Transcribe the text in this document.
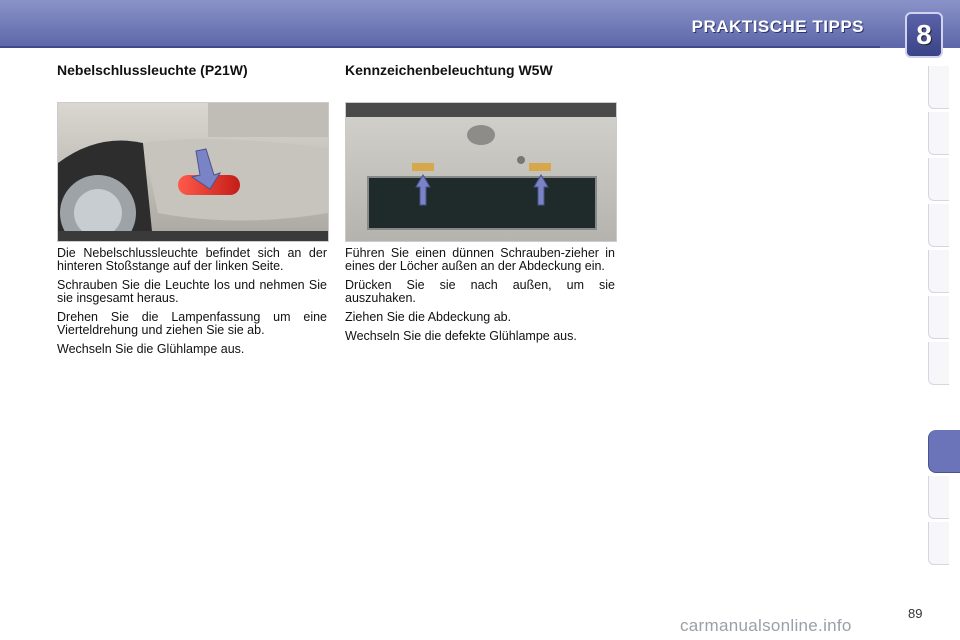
PRAKTISCHE TIPPS	8
Nebelschlussleuchte (P21W)

Die Nebelschlussleuchte befindet sich an der hinteren Stoßstange auf der linken Seite.

Schrauben Sie die Leuchte los und nehmen Sie sie insgesamt heraus.

Drehen Sie die Lampenfassung um eine Vierteldrehung und ziehen Sie sie ab.

Wechseln Sie die Glühlampe aus.

Kennzeichenbeleuchtung W5W

Führen Sie einen dünnen Schrauben-zieher in eines der Löcher außen an der Abdeckung ein.

Drücken Sie sie nach außen, um sie auszuhaken.

Ziehen Sie die Abdeckung ab.

Wechseln Sie die defekte Glühlampe aus.

89
carmanualsonline.info
